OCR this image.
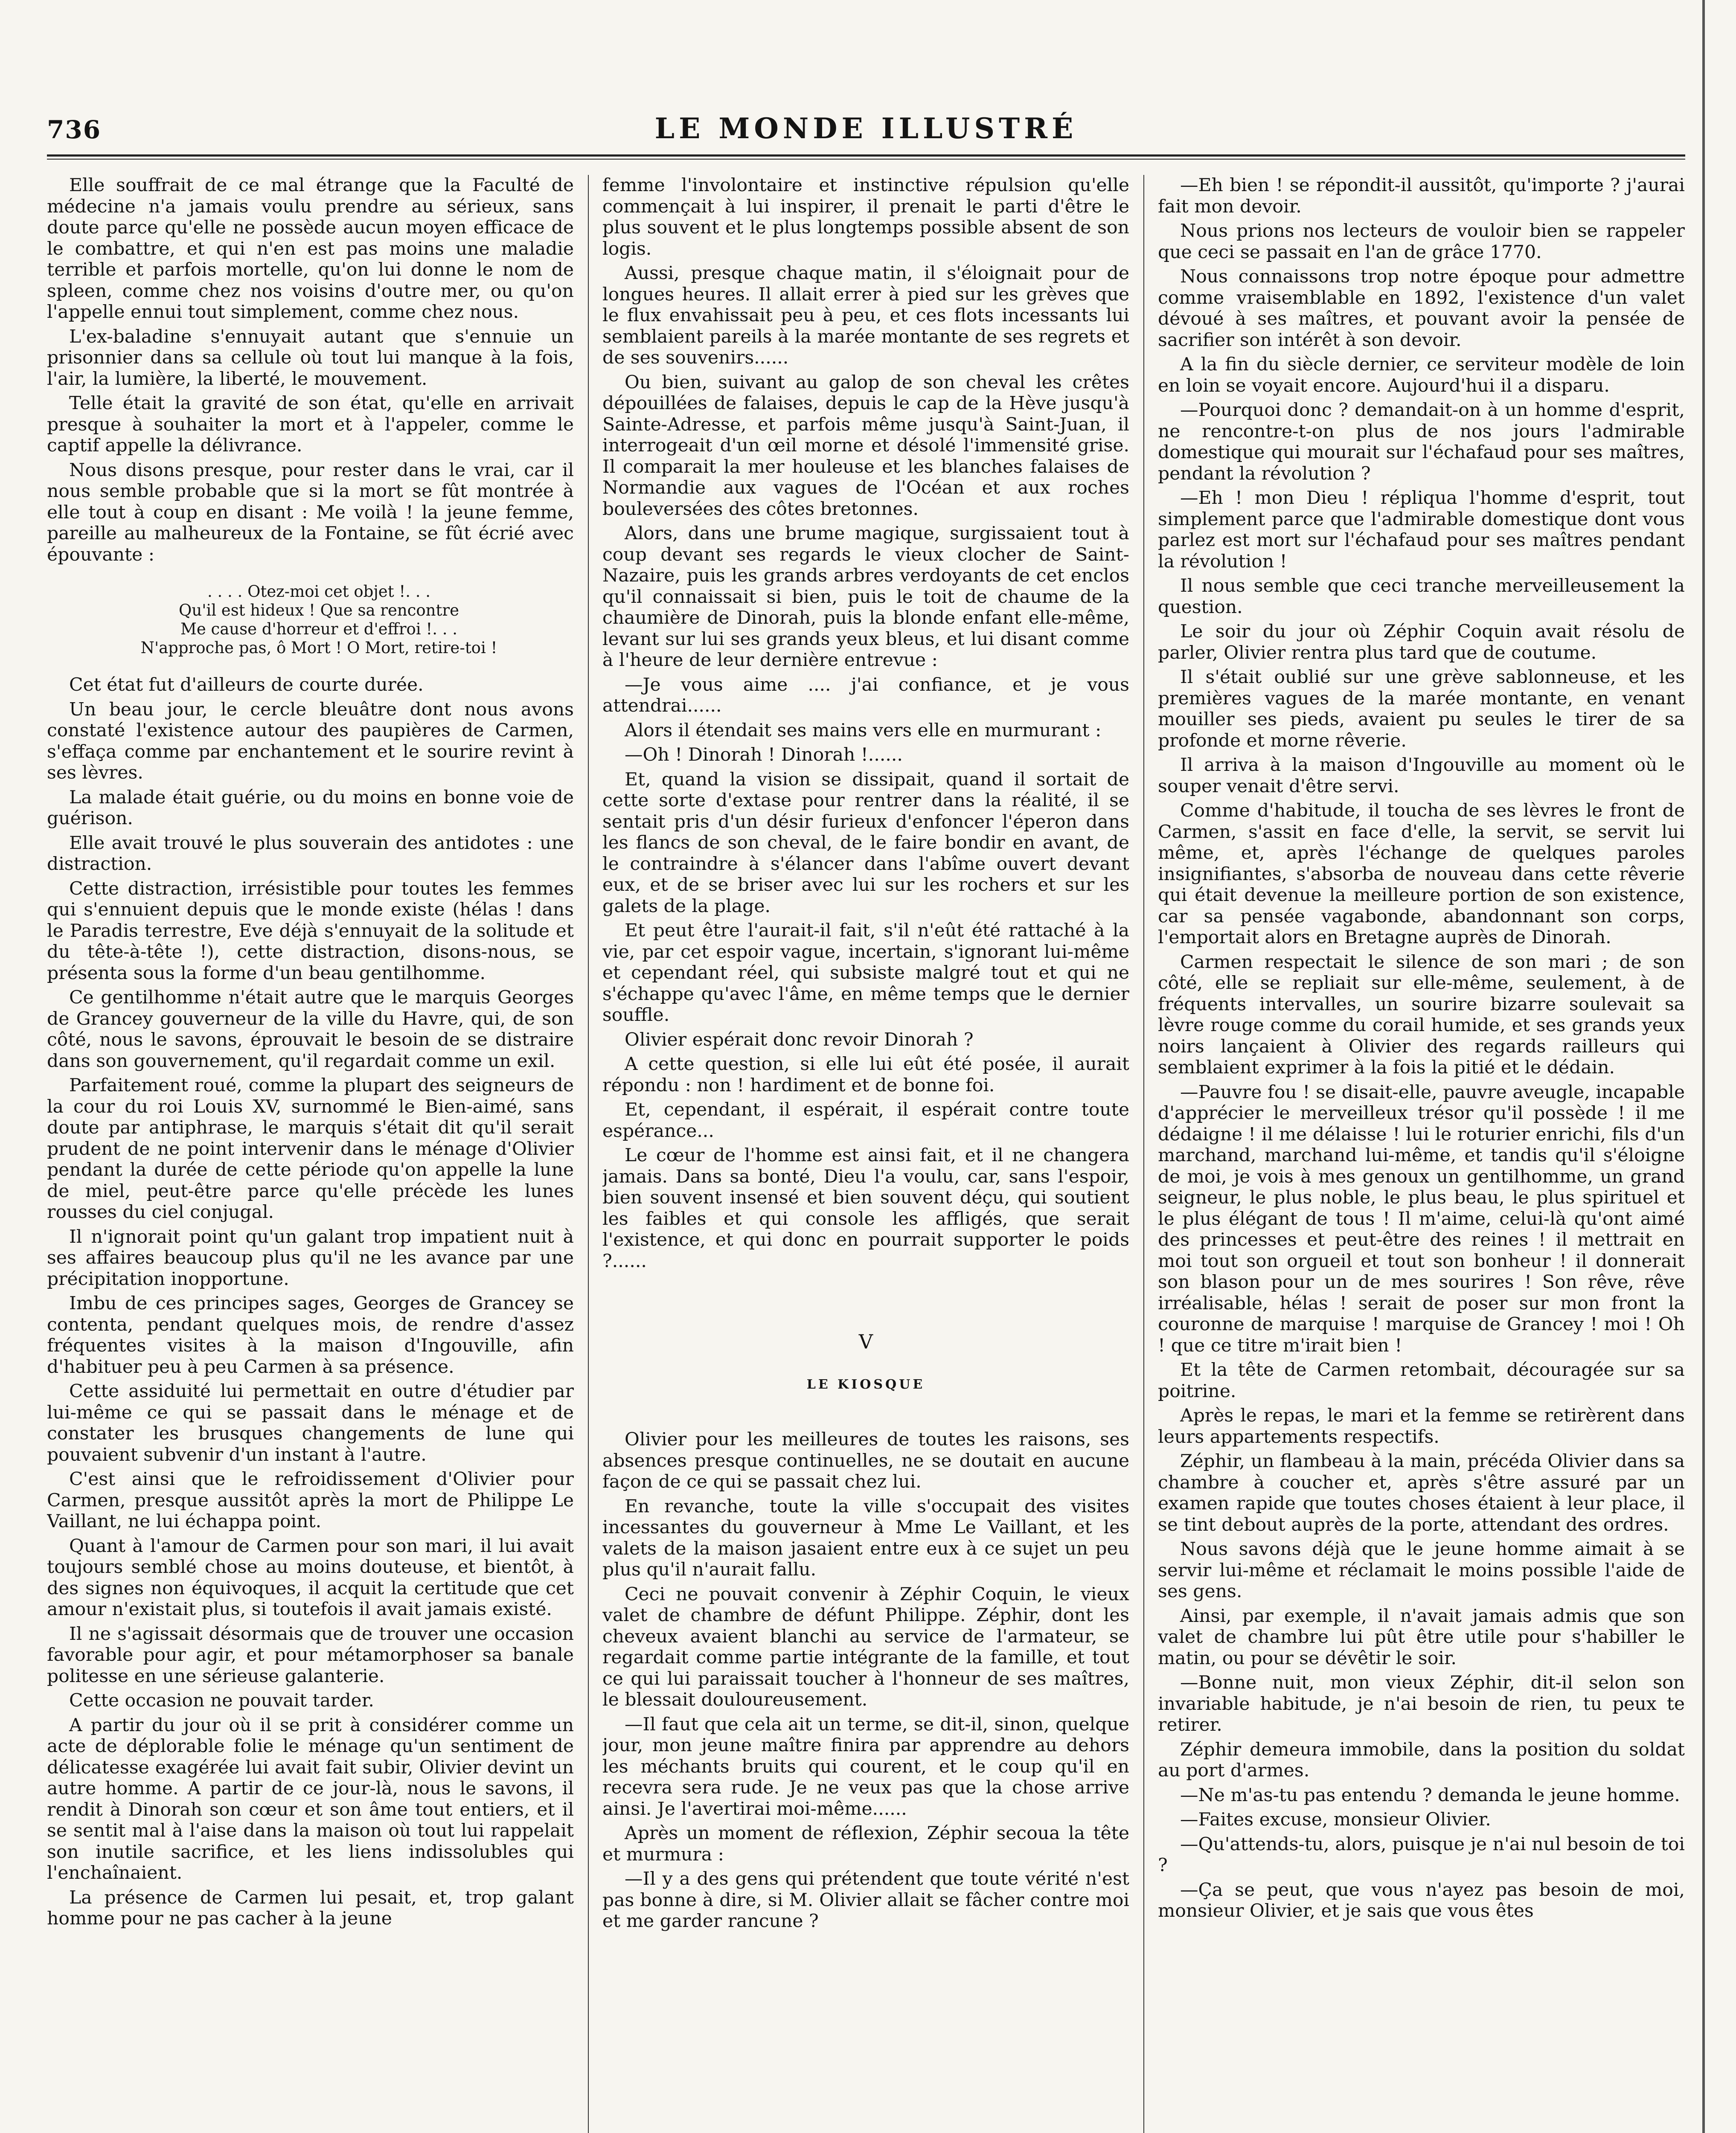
736	LE MONDE ILLUSTRÉ

Elle souffrait de ce mal étrange que la Faculté de médecine n'a jamais voulu prendre au sérieux, sans doute parce qu'elle ne possède aucun moyen efficace de le combattre, et qui n'en est pas moins une maladie terrible et parfois mortelle, qu'on lui donne le nom de spleen, comme chez nos voisins d'outre mer, ou qu'on l'appelle ennui tout simplement, comme chez nous.

L'ex-baladine s'ennuyait autant que s'ennuie un prisonnier dans sa cellule où tout lui manque à la fois, l'air, la lumière, la liberté, le mouvement.

Telle était la gravité de son état, qu'elle en arrivait presque à souhaiter la mort et à l'appeler, comme le captif appelle la délivrance.

Nous disons presque, pour rester dans le vrai, car il nous semble probable que si la mort se fût montrée à elle tout à coup en disant : Me voilà ! la jeune femme, pareille au malheureux de la Fontaine, se fût écrié avec épouvante :

. . . . Otez-moi cet objet !. . .
Qu'il est hideux ! Que sa rencontre
Me cause d'horreur et d'effroi !. . .
N'approche pas, ô Mort ! O Mort, retire-toi !

Cet état fut d'ailleurs de courte durée.

Un beau jour, le cercle bleuâtre dont nous avons constaté l'existence autour des paupières de Carmen, s'effaça comme par enchantement et le sourire revint à ses lèvres.

La malade était guérie, ou du moins en bonne voie de guérison.

Elle avait trouvé le plus souverain des antidotes : une distraction.

Cette distraction, irrésistible pour toutes les femmes qui s'ennuient depuis que le monde existe (hélas ! dans le Paradis terrestre, Eve déjà s'ennuyait de la solitude et du tête-à-tête !), cette distraction, disons-nous, se présenta sous la forme d'un beau gentilhomme.

Ce gentilhomme n'était autre que le marquis Georges de Grancey gouverneur de la ville du Havre, qui, de son côté, nous le savons, éprouvait le besoin de se distraire dans son gouvernement, qu'il regardait comme un exil.

Parfaitement roué, comme la plupart des seigneurs de la cour du roi Louis XV, surnommé le Bien-aimé, sans doute par antiphrase, le marquis s'était dit qu'il serait prudent de ne point intervenir dans le ménage d'Olivier pendant la durée de cette période qu'on appelle la lune de miel, peut-être parce qu'elle précède les lunes rousses du ciel conjugal.

Il n'ignorait point qu'un galant trop impatient nuit à ses affaires beaucoup plus qu'il ne les avance par une précipitation inopportune.

Imbu de ces principes sages, Georges de Grancey se contenta, pendant quelques mois, de rendre d'assez fréquentes visites à la maison d'Ingouville, afin d'habituer peu à peu Carmen à sa présence.

Cette assiduité lui permettait en outre d'étudier par lui-même ce qui se passait dans le ménage et de constater les brusques changements de lune qui pouvaient subvenir d'un instant à l'autre.

C'est ainsi que le refroidissement d'Olivier pour Carmen, presque aussitôt après la mort de Philippe Le Vaillant, ne lui échappa point.

Quant à l'amour de Carmen pour son mari, il lui avait toujours semblé chose au moins douteuse, et bientôt, à des signes non équivoques, il acquit la certitude que cet amour n'existait plus, si toutefois il avait jamais existé.

Il ne s'agissait désormais que de trouver une occasion favorable pour agir, et pour métamorphoser sa banale politesse en une sérieuse galanterie.

Cette occasion ne pouvait tarder.

A partir du jour où il se prit à considérer comme un acte de déplorable folie le ménage qu'un sentiment de délicatesse exagérée lui avait fait subir, Olivier devint un autre homme. A partir de ce jour-là, nous le savons, il rendit à Dinorah son cœur et son âme tout entiers, et il se sentit mal à l'aise dans la maison où tout lui rappelait son inutile sacrifice, et les liens indissolubles qui l'enchaînaient.

La présence de Carmen lui pesait, et, trop galant homme pour ne pas cacher à la jeune

femme l'involontaire et instinctive répulsion qu'elle commençait à lui inspirer, il prenait le parti d'être le plus souvent et le plus longtemps possible absent de son logis.

Aussi, presque chaque matin, il s'éloignait pour de longues heures. Il allait errer à pied sur les grèves que le flux envahissait peu à peu, et ces flots incessants lui semblaient pareils à la marée montante de ses regrets et de ses souvenirs......

Ou bien, suivant au galop de son cheval les crêtes dépouillées de falaises, depuis le cap de la Hève jusqu'à Sainte-Adresse, et parfois même jusqu'à Saint-Juan, il interrogeait d'un œil morne et désolé l'immensité grise. Il comparait la mer houleuse et les blanches falaises de Normandie aux vagues de l'Océan et aux roches bouleversées des côtes bretonnes.

Alors, dans une brume magique, surgissaient tout à coup devant ses regards le vieux clocher de Saint-Nazaire, puis les grands arbres verdoyants de cet enclos qu'il connaissait si bien, puis le toit de chaume de la chaumière de Dinorah, puis la blonde enfant elle-même, levant sur lui ses grands yeux bleus, et lui disant comme à l'heure de leur dernière entrevue :

—Je vous aime .... j'ai confiance, et je vous attendrai......

Alors il étendait ses mains vers elle en murmurant :

—Oh ! Dinorah ! Dinorah !......

Et, quand la vision se dissipait, quand il sortait de cette sorte d'extase pour rentrer dans la réalité, il se sentait pris d'un désir furieux d'enfoncer l'éperon dans les flancs de son cheval, de le faire bondir en avant, de le contraindre à s'élancer dans l'abîme ouvert devant eux, et de se briser avec lui sur les rochers et sur les galets de la plage.

Et peut être l'aurait-il fait, s'il n'eût été rattaché à la vie, par cet espoir vague, incertain, s'ignorant lui-même et cependant réel, qui subsiste malgré tout et qui ne s'échappe qu'avec l'âme, en même temps que le dernier souffle.

Olivier espérait donc revoir Dinorah ?

A cette question, si elle lui eût été posée, il aurait répondu : non ! hardiment et de bonne foi.

Et, cependant, il espérait, il espérait contre toute espérance...

Le cœur de l'homme est ainsi fait, et il ne changera jamais. Dans sa bonté, Dieu l'a voulu, car, sans l'espoir, bien souvent insensé et bien souvent déçu, qui soutient les faibles et qui console les affligés, que serait l'existence, et qui donc en pourrait supporter le poids ?......

V
LE KIOSQUE

Olivier pour les meilleures de toutes les raisons, ses absences presque continuelles, ne se doutait en aucune façon de ce qui se passait chez lui.

En revanche, toute la ville s'occupait des visites incessantes du gouverneur à Mme Le Vaillant, et les valets de la maison jasaient entre eux à ce sujet un peu plus qu'il n'aurait fallu.

Ceci ne pouvait convenir à Zéphir Coquin, le vieux valet de chambre de défunt Philippe. Zéphir, dont les cheveux avaient blanchi au service de l'armateur, se regardait comme partie intégrante de la famille, et tout ce qui lui paraissait toucher à l'honneur de ses maîtres, le blessait douloureusement.

—Il faut que cela ait un terme, se dit-il, sinon, quelque jour, mon jeune maître finira par apprendre au dehors les méchants bruits qui courent, et le coup qu'il en recevra sera rude. Je ne veux pas que la chose arrive ainsi. Je l'avertirai moi-même......

Après un moment de réflexion, Zéphir secoua la tête et murmura :

—Il y a des gens qui prétendent que toute vérité n'est pas bonne à dire, si M. Olivier allait se fâcher contre moi et me garder rancune ?

—Eh bien ! se répondit-il aussitôt, qu'importe ? j'aurai fait mon devoir.

Nous prions nos lecteurs de vouloir bien se rappeler que ceci se passait en l'an de grâce 1770.

Nous connaissons trop notre époque pour admettre comme vraisemblable en 1892, l'existence d'un valet dévoué à ses maîtres, et pouvant avoir la pensée de sacrifier son intérêt à son devoir.

A la fin du siècle dernier, ce serviteur modèle de loin en loin se voyait encore. Aujourd'hui il a disparu.

—Pourquoi donc ? demandait-on à un homme d'esprit, ne rencontre-t-on plus de nos jours l'admirable domestique qui mourait sur l'échafaud pour ses maîtres, pendant la révolution ?

—Eh ! mon Dieu ! répliqua l'homme d'esprit, tout simplement parce que l'admirable domestique dont vous parlez est mort sur l'échafaud pour ses maîtres pendant la révolution !

Il nous semble que ceci tranche merveilleusement la question.

Le soir du jour où Zéphir Coquin avait résolu de parler, Olivier rentra plus tard que de coutume.

Il s'était oublié sur une grève sablonneuse, et les premières vagues de la marée montante, en venant mouiller ses pieds, avaient pu seules le tirer de sa profonde et morne rêverie.

Il arriva à la maison d'Ingouville au moment où le souper venait d'être servi.

Comme d'habitude, il toucha de ses lèvres le front de Carmen, s'assit en face d'elle, la servit, se servit lui même, et, après l'échange de quelques paroles insignifiantes, s'absorba de nouveau dans cette rêverie qui était devenue la meilleure portion de son existence, car sa pensée vagabonde, abandonnant son corps, l'emportait alors en Bretagne auprès de Dinorah.

Carmen respectait le silence de son mari ; de son côté, elle se repliait sur elle-même, seulement, à de fréquents intervalles, un sourire bizarre soulevait sa lèvre rouge comme du corail humide, et ses grands yeux noirs lançaient à Olivier des regards railleurs qui semblaient exprimer à la fois la pitié et le dédain.

—Pauvre fou ! se disait-elle, pauvre aveugle, incapable d'apprécier le merveilleux trésor qu'il possède ! il me dédaigne ! il me délaisse ! lui le roturier enrichi, fils d'un marchand, marchand lui-même, et tandis qu'il s'éloigne de moi, je vois à mes genoux un gentilhomme, un grand seigneur, le plus noble, le plus beau, le plus spirituel et le plus élégant de tous ! Il m'aime, celui-là qu'ont aimé des princesses et peut-être des reines ! il mettrait en moi tout son orgueil et tout son bonheur ! il donnerait son blason pour un de mes sourires ! Son rêve, rêve irréalisable, hélas ! serait de poser sur mon front la couronne de marquise ! marquise de Grancey ! moi ! Oh ! que ce titre m'irait bien !

Et la tête de Carmen retombait, découragée sur sa poitrine.

Après le repas, le mari et la femme se retirèrent dans leurs appartements respectifs.

Zéphir, un flambeau à la main, précéda Olivier dans sa chambre à coucher et, après s'être assuré par un examen rapide que toutes choses étaient à leur place, il se tint debout auprès de la porte, attendant des ordres.

Nous savons déjà que le jeune homme aimait à se servir lui-même et réclamait le moins possible l'aide de ses gens.

Ainsi, par exemple, il n'avait jamais admis que son valet de chambre lui pût être utile pour s'habiller le matin, ou pour se dévêtir le soir.

—Bonne nuit, mon vieux Zéphir, dit-il selon son invariable habitude, je n'ai besoin de rien, tu peux te retirer.

Zéphir demeura immobile, dans la position du soldat au port d'armes.

—Ne m'as-tu pas entendu ? demanda le jeune homme.

—Faites excuse, monsieur Olivier.

—Qu'attends-tu, alors, puisque je n'ai nul besoin de toi ?

—Ça se peut, que vous n'ayez pas besoin de moi, monsieur Olivier, et je sais que vous êtes
